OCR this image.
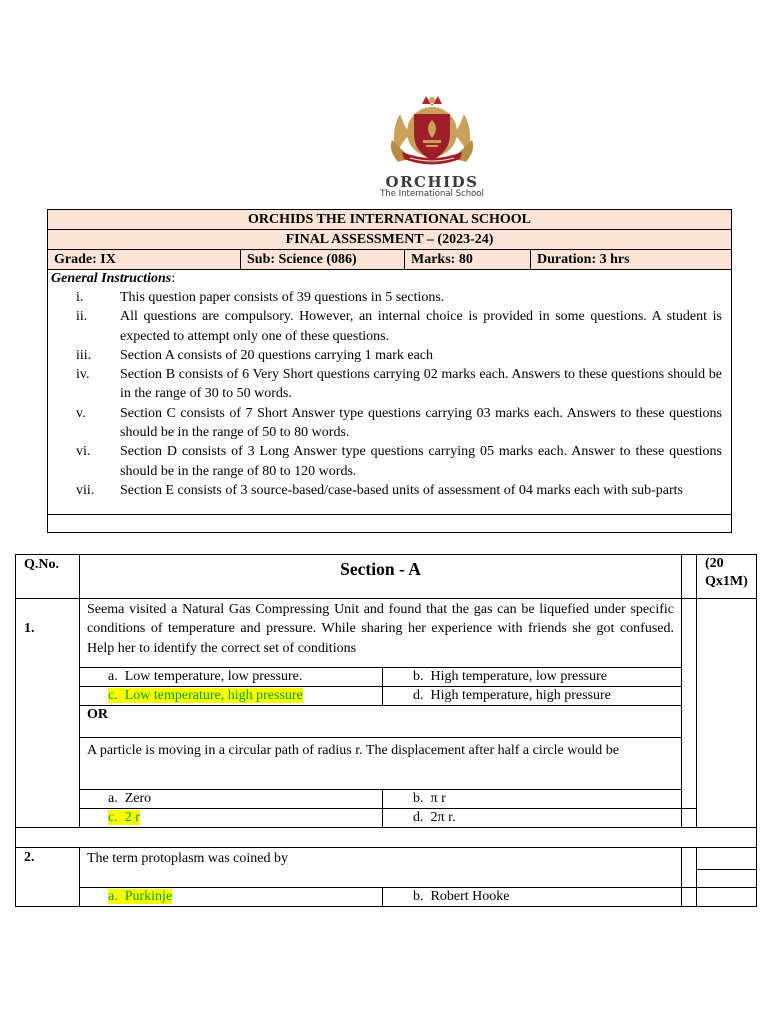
ORCHIDS
The International School
ORCHIDS THE INTERNATIONAL SCHOOL
FINAL ASSESSMENT – (2023-24)
Grade: IX	Sub: Science (086)	Marks: 80	Duration: 3 hrs
General Instructions:
i.	This question paper consists of 39 questions in 5 sections.
ii.	All questions are compulsory. However, an internal choice is provided in some questions. A student is expected to attempt only one of these questions.
iii.	Section A consists of 20 questions carrying 1 mark each
iv.	Section B consists of 6 Very Short questions carrying 02 marks each. Answers to these questions should be in the range of 30 to 50 words.
v.	Section C consists of 7 Short Answer type questions carrying 03 marks each. Answers to these questions should be in the range of 50 to 80 words.
vi.	Section D consists of 3 Long Answer type questions carrying 05 marks each. Answer to these questions should be in the range of 80 to 120 words.
vii.	Section E consists of 3 source-based/case-based units of assessment of 04 marks each with sub-parts
Q.No.	Section - A			(20 Qx1M)
1.	Seema visited a Natural Gas Compressing Unit and found that the gas can be liquefied under specific conditions of temperature and pressure. While sharing her experience with friends she got confused. Help her to identify the correct set of conditions			
	a. Low temperature, low pressure.	b. High temperature, low pressure		
	c. Low temperature, high pressure	d. High temperature, high pressure		
	OR			
	A particle is moving in a circular path of radius r. The displacement after half a circle would be			
	a. Zero	b. π r		
	c. 2 r	d. 2π r.		

2.	The term protoplasm was coined by			

	a. Purkinje	b. Robert Hooke		
